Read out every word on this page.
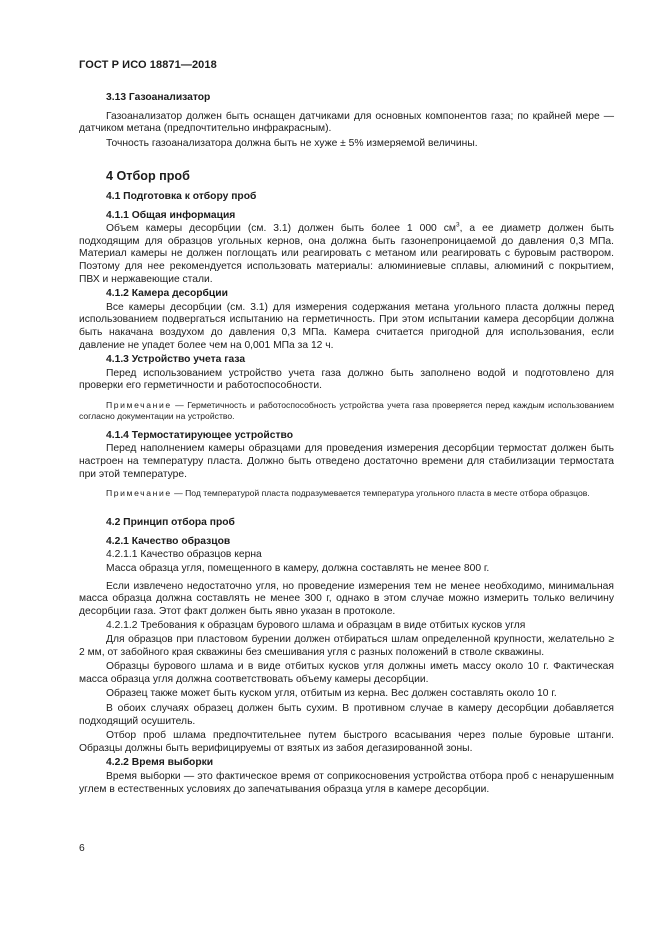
ГОСТ Р ИСО 18871—2018
3.13 Газоанализатор
Газоанализатор должен быть оснащен датчиками для основных компонентов газа; по крайней мере — датчиком метана (предпочтительно инфракрасным).
Точность газоанализатора должна быть не хуже ± 5% измеряемой величины.
4 Отбор проб
4.1 Подготовка к отбору проб
4.1.1 Общая информация
Объем камеры десорбции (см. 3.1) должен быть более 1 000 $см^3$, а ее диаметр должен быть подходящим для образцов угольных кернов, она должна быть газонепроницаемой до давления 0,3 МПа. Материал камеры не должен поглощать или реагировать с метаном или реагировать с буровым раствором. Поэтому для нее рекомендуется использовать материалы: алюминиевые сплавы, алюминий с покрытием, ПВХ и нержавеющие стали.
4.1.2 Камера десорбции
Все камеры десорбции (см. 3.1) для измерения содержания метана угольного пласта должны перед использованием подвергаться испытанию на герметичность. При этом испытании камера десорбции должна быть накачана воздухом до давления 0,3 МПа. Камера считается пригодной для использования, если давление не упадет более чем на 0,001 МПа за 12 ч.
4.1.3 Устройство учета газа
Перед использованием устройство учета газа должно быть заполнено водой и подготовлено для проверки его герметичности и работоспособности.
Примечание — Герметичность и работоспособность устройства учета газа проверяется перед каждым использованием согласно документации на устройство.
4.1.4 Термостатирующее устройство
Перед наполнением камеры образцами для проведения измерения десорбции термостат должен быть настроен на температуру пласта. Должно быть отведено достаточно времени для стабилизации термостата при этой температуре.
Примечание — Под температурой пласта подразумевается температура угольного пласта в месте отбора образцов.
4.2 Принцип отбора проб
4.2.1 Качество образцов
4.2.1.1 Качество образцов керна
Масса образца угля, помещенного в камеру, должна составлять не менее 800 г.
Если извлечено недостаточно угля, но проведение измерения тем не менее необходимо, минимальная масса образца должна составлять не менее 300 г, однако в этом случае можно измерить только величину десорбции газа. Этот факт должен быть явно указан в протоколе.
4.2.1.2 Требования к образцам бурового шлама и образцам в виде отбитых кусков угля
Для образцов при пластовом бурении должен отбираться шлам определенной крупности, желательно ≥ 2 мм, от забойного края скважины без смешивания угля с разных положений в стволе скважины.
Образцы бурового шлама и в виде отбитых кусков угля должны иметь массу около 10 г. Фактическая масса образца угля должна соответствовать объему камеры десорбции.
Образец также может быть куском угля, отбитым из керна. Вес должен составлять около 10 г.
В обоих случаях образец должен быть сухим. В противном случае в камеру десорбции добавляется подходящий осушитель.
Отбор проб шлама предпочтительнее путем быстрого всасывания через полые буровые штанги. Образцы должны быть верифицируемы от взятых из забоя дегазированной зоны.
4.2.2 Время выборки
Время выборки — это фактическое время от соприкосновения устройства отбора проб с ненарушенным углем в естественных условиях до запечатывания образца угля в камере десорбции.
6
